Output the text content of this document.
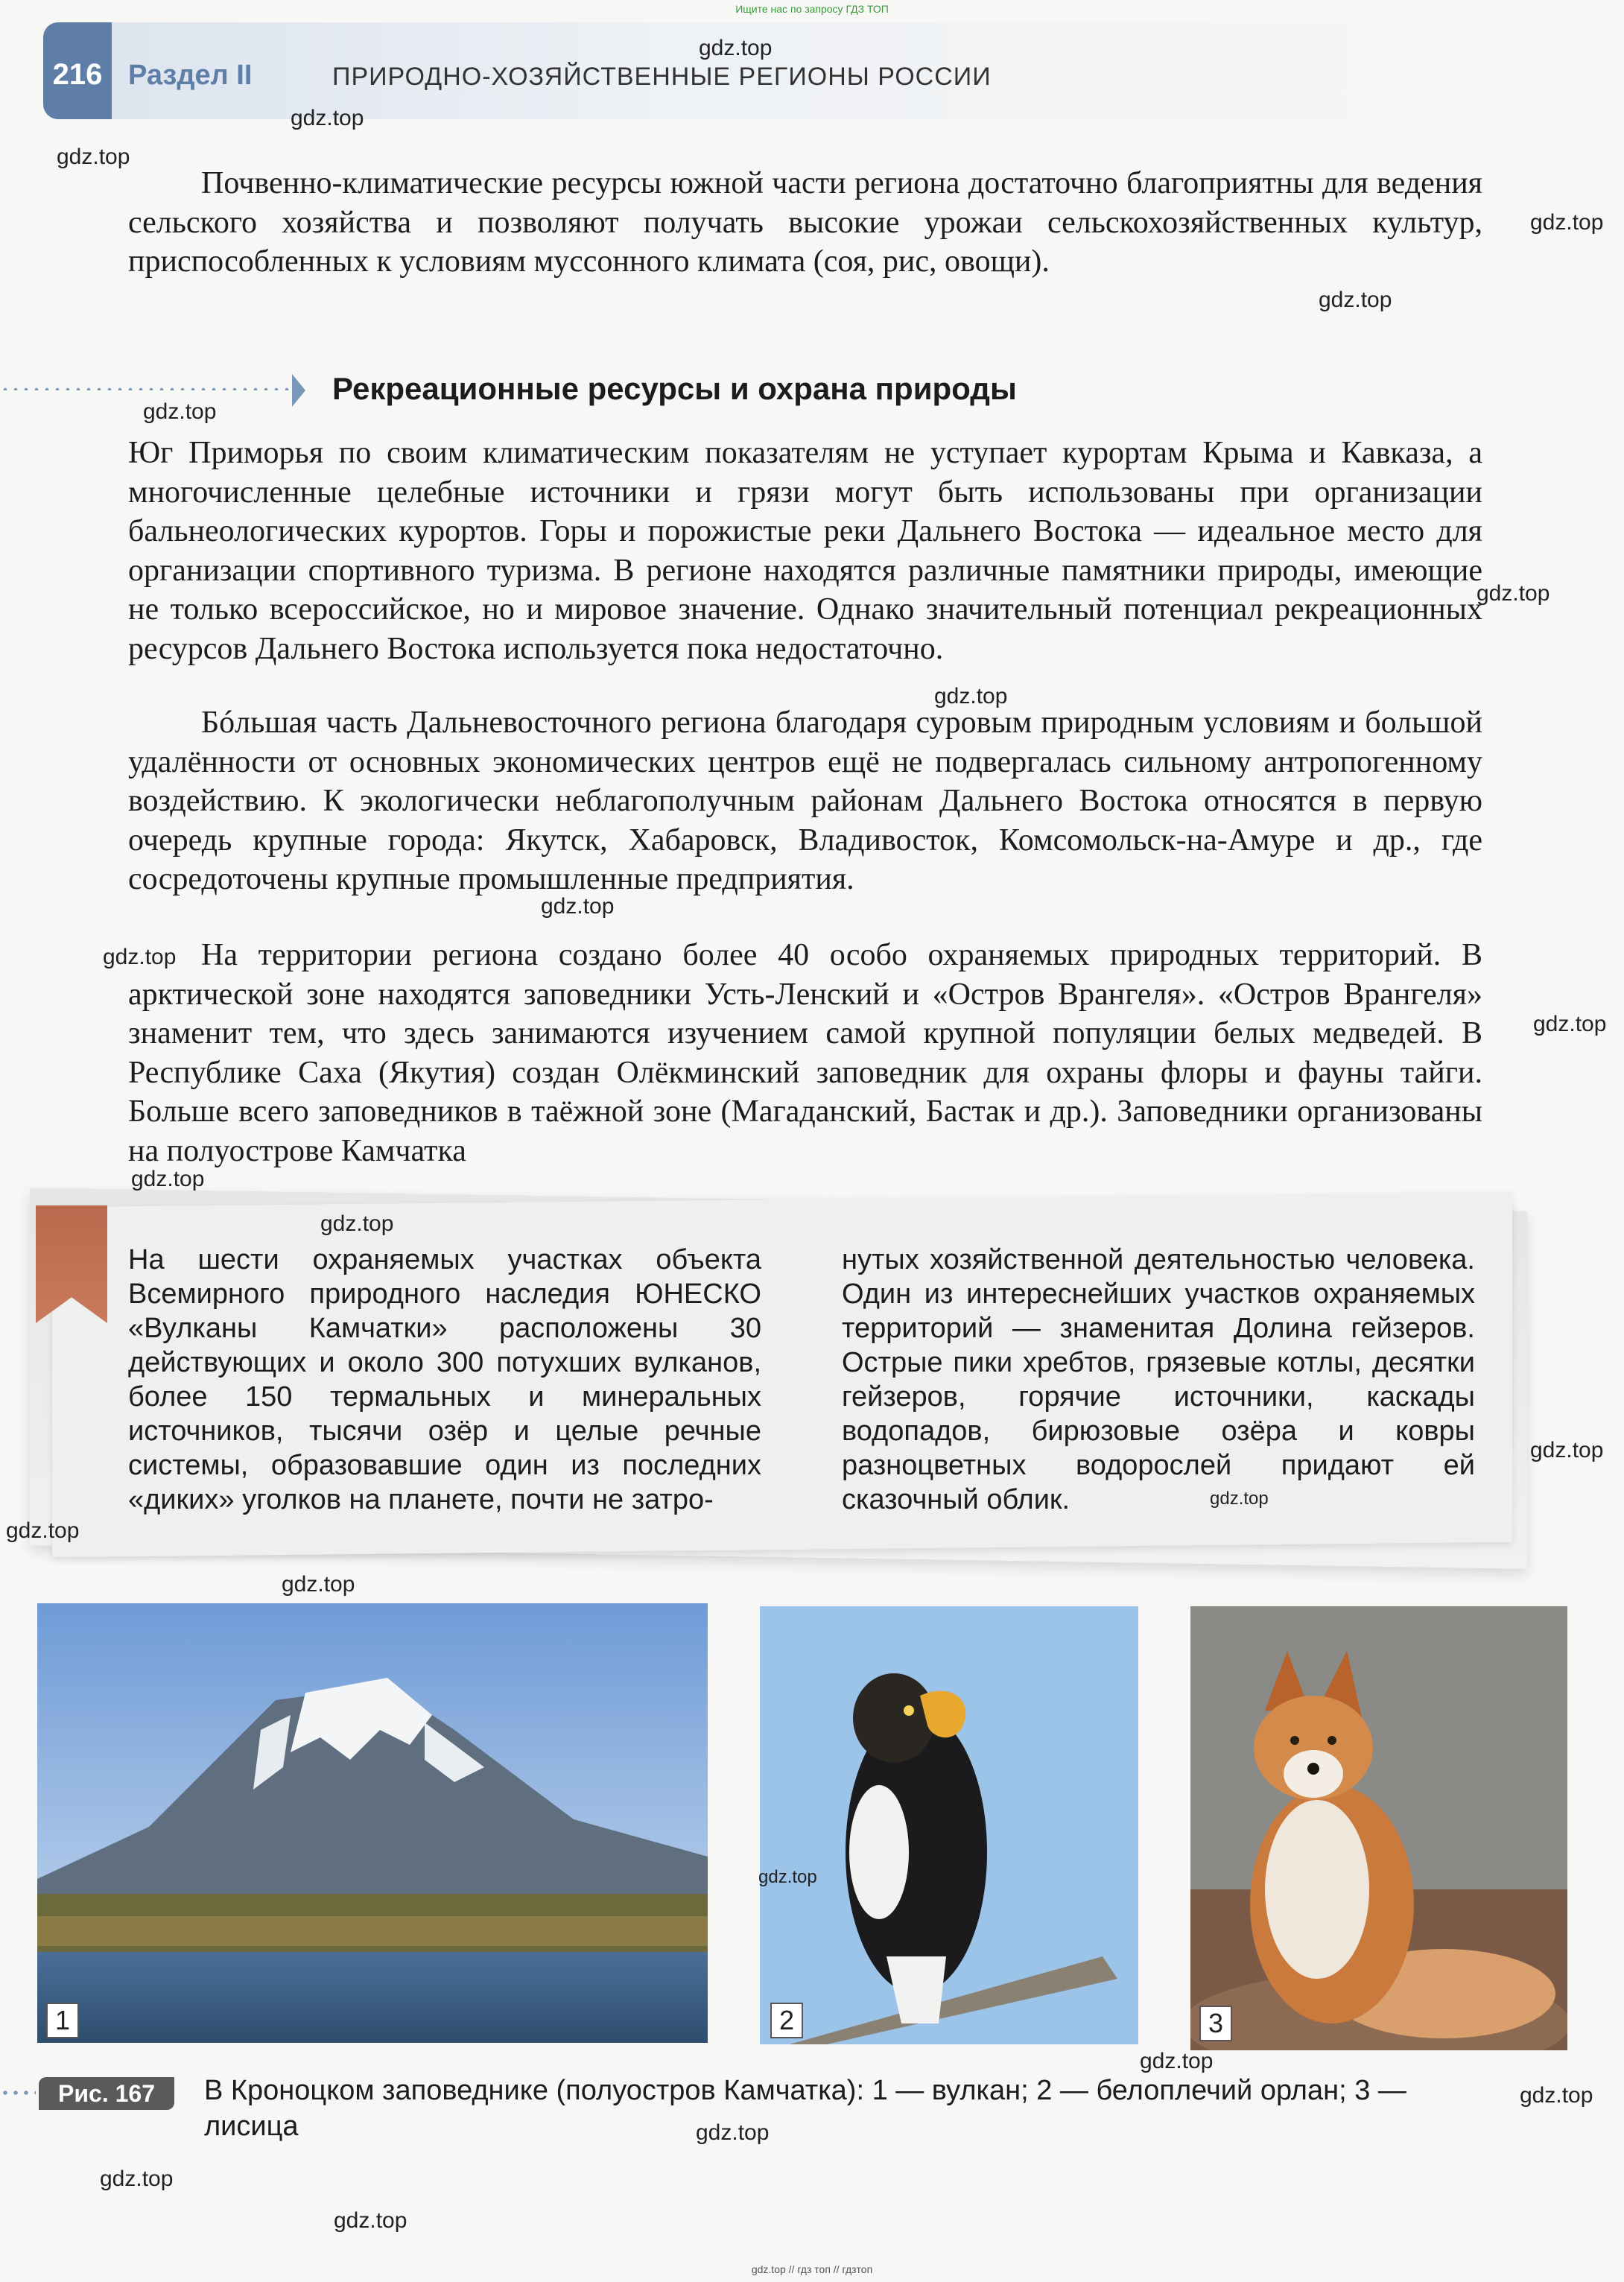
Ищите нас по запросу ГДЗ ТОП
216 Раздел II	ПРИРОДНО-ХОЗЯЙСТВЕННЫЕ РЕГИОНЫ РОССИИ

Почвенно-климатические ресурсы южной части региона достаточно благоприятны для ведения сельского хозяйства и позволяют получать высокие урожаи сельскохозяйственных культур, приспособленных к условиям муссонного климата (соя, рис, овощи).

Рекреационные ресурсы и охрана природы

Юг Приморья по своим климатическим показателям не уступает курортам Крыма и Кавказа, а многочисленные целебные источники и грязи могут быть использованы при организации бальнеологических курортов. Горы и порожистые реки Дальнего Востока — идеальное место для организации спортивного туризма. В регионе находятся различные памятники природы, имеющие не только всероссийское, но и мировое значение. Однако значительный потенциал рекреационных ресурсов Дальнего Востока используется пока недостаточно.

Бóльшая часть Дальневосточного региона благодаря суровым природным условиям и большой удалённости от основных экономических центров ещё не подвергалась сильному антропогенному воздействию. К экологически неблагополучным районам Дальнего Востока относятся в первую очередь крупные города: Якутск, Хабаровск, Владивосток, Комсомольск-на-Амуре и др., где сосредоточены крупные промышленные предприятия.

На территории региона создано более 40 особо охраняемых природных территорий. В арктической зоне находятся заповедники Усть-Ленский и «Остров Врангеля». «Остров Врангеля» знаменит тем, что здесь занимаются изучением самой крупной популяции белых медведей. В Республике Саха (Якутия) создан Олёкминский заповедник для охраны флоры и фауны тайги. Больше всего заповедников в таёжной зоне (Магаданский, Бастак и др.). Заповедники организованы на полуострове Камчатка

На шести охраняемых участках объекта Всемирного природного наследия ЮНЕСКО «Вулканы Камчатки» расположены 30 действующих и около 300 потухших вулканов, более 150 термальных и минеральных источников, тысячи озёр и целые речные системы, образовавшие один из последних «диких» уголков на планете, почти не затро-

нутых хозяйственной деятельностью человека. Один из интереснейших участков охраняемых территорий — знаменитая Долина гейзеров. Острые пики хребтов, грязевые котлы, десятки гейзеров, горячие источники, каскады водопадов, бирюзовые озёра и ковры разноцветных водорослей придают ей сказочный облик.

1	2	3
Рис. 167	В Кроноцком заповеднике (полуостров Камчатка): 1 — вулкан; 2 — белоплечий орлан; 3 — лисица

gdz.top
gdz.top
gdz.top
gdz.top
gdz.top
gdz.top
gdz.top
gdz.top
gdz.top
gdz.top
gdz.top
gdz.top
gdz.top
gdz.top
gdz.top
gdz.top
gdz.top
gdz.top
gdz.top
gdz.top
gdz.top
gdz.top
gdz.top
gdz.top // гдз топ // гдзтоп
